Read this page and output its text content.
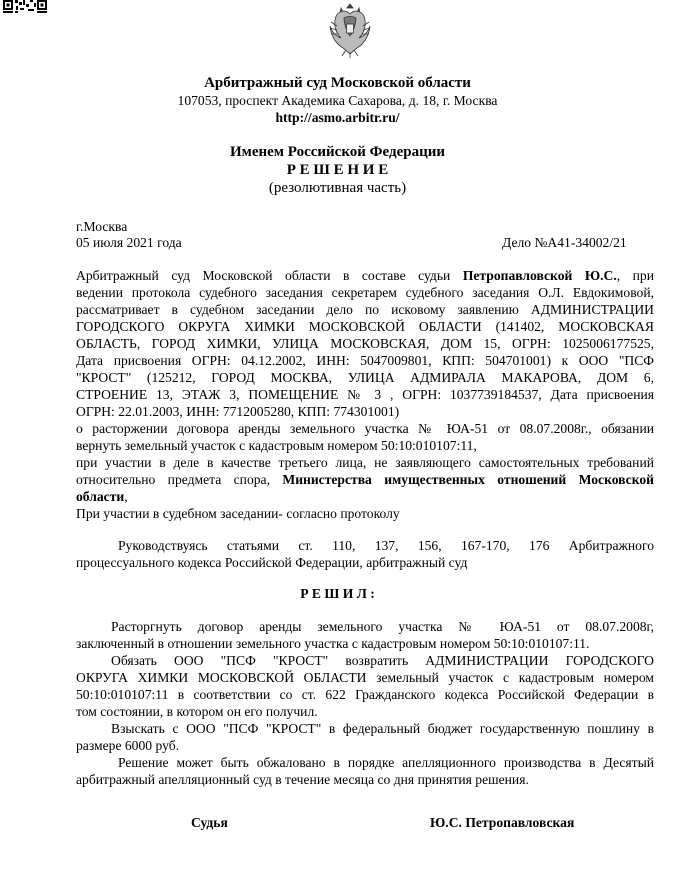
Арбитражный суд Московской области
107053, проспект Академика Сахарова, д. 18, г. Москва
http://asmo.arbitr.ru/
Именем Российской Федерации
Р Е Ш Е Н И Е
(резолютивная часть)
г.Москва
05 июля 2021 года	Дело №А41-34002/21
Арбитражный суд Московской области в составе судьи Петропавловской Ю.С., при
ведении протокола судебного заседания секретарем судебного заседания О.Л. Евдокимовой,
рассматривает в судебном заседании дело по исковому заявлению АДМИНИСТРАЦИИ
ГОРОДСКОГО ОКРУГА ХИМКИ МОСКОВСКОЙ ОБЛАСТИ (141402, МОСКОВСКАЯ
ОБЛАСТЬ, ГОРОД ХИМКИ, УЛИЦА МОСКОВСКАЯ, ДОМ 15, ОГРН: 1025006177525,
Дата присвоения ОГРН: 04.12.2002, ИНН: 5047009801, КПП: 504701001) к ООО "ПСФ
"КРОСТ" (125212, ГОРОД МОСКВА, УЛИЦА АДМИРАЛА МАКАРОВА, ДОМ 6,
СТРОЕНИЕ 13, ЭТАЖ 3, ПОМЕЩЕНИЕ № 3 , ОГРН: 1037739184537, Дата присвоения
ОГРН: 22.01.2003, ИНН: 7712005280, КПП: 774301001)
о расторжении договора аренды земельного участка № ЮА-51 от 08.07.2008г., обязании
вернуть земельный участок с кадастровым номером 50:10:010107:11,
при участии в деле в качестве третьего лица, не заявляющего самостоятельных требований
относительно предмета спора, Министерства имущественных отношений Московской
области,
При участии в судебном заседании- согласно протоколу
Руководствуясь статьями ст. 110, 137, 156, 167-170, 176 Арбитражного
процессуального кодекса Российской Федерации, арбитражный суд
Р Е Ш И Л :
Расторгнуть договор аренды земельного участка № ЮА-51 от 08.07.2008г,
заключенный в отношении земельного участка с кадастровым номером 50:10:010107:11.
Обязать ООО "ПСФ "КРОСТ" возвратить АДМИНИСТРАЦИИ ГОРОДСКОГО
ОКРУГА ХИМКИ МОСКОВСКОЙ ОБЛАСТИ земельный участок с кадастровым номером
50:10:010107:11 в соответствии со ст. 622 Гражданского кодекса Российской Федерации в
том состоянии, в котором он его получил.
Взыскать с ООО "ПСФ "КРОСТ" в федеральный бюджет государственную пошлину в
размере 6000 руб.
Решение может быть обжаловано в порядке апелляционного производства в Десятый
арбитражный апелляционный суд в течение месяца со дня принятия решения.
Судья	Ю.С. Петропавловская
